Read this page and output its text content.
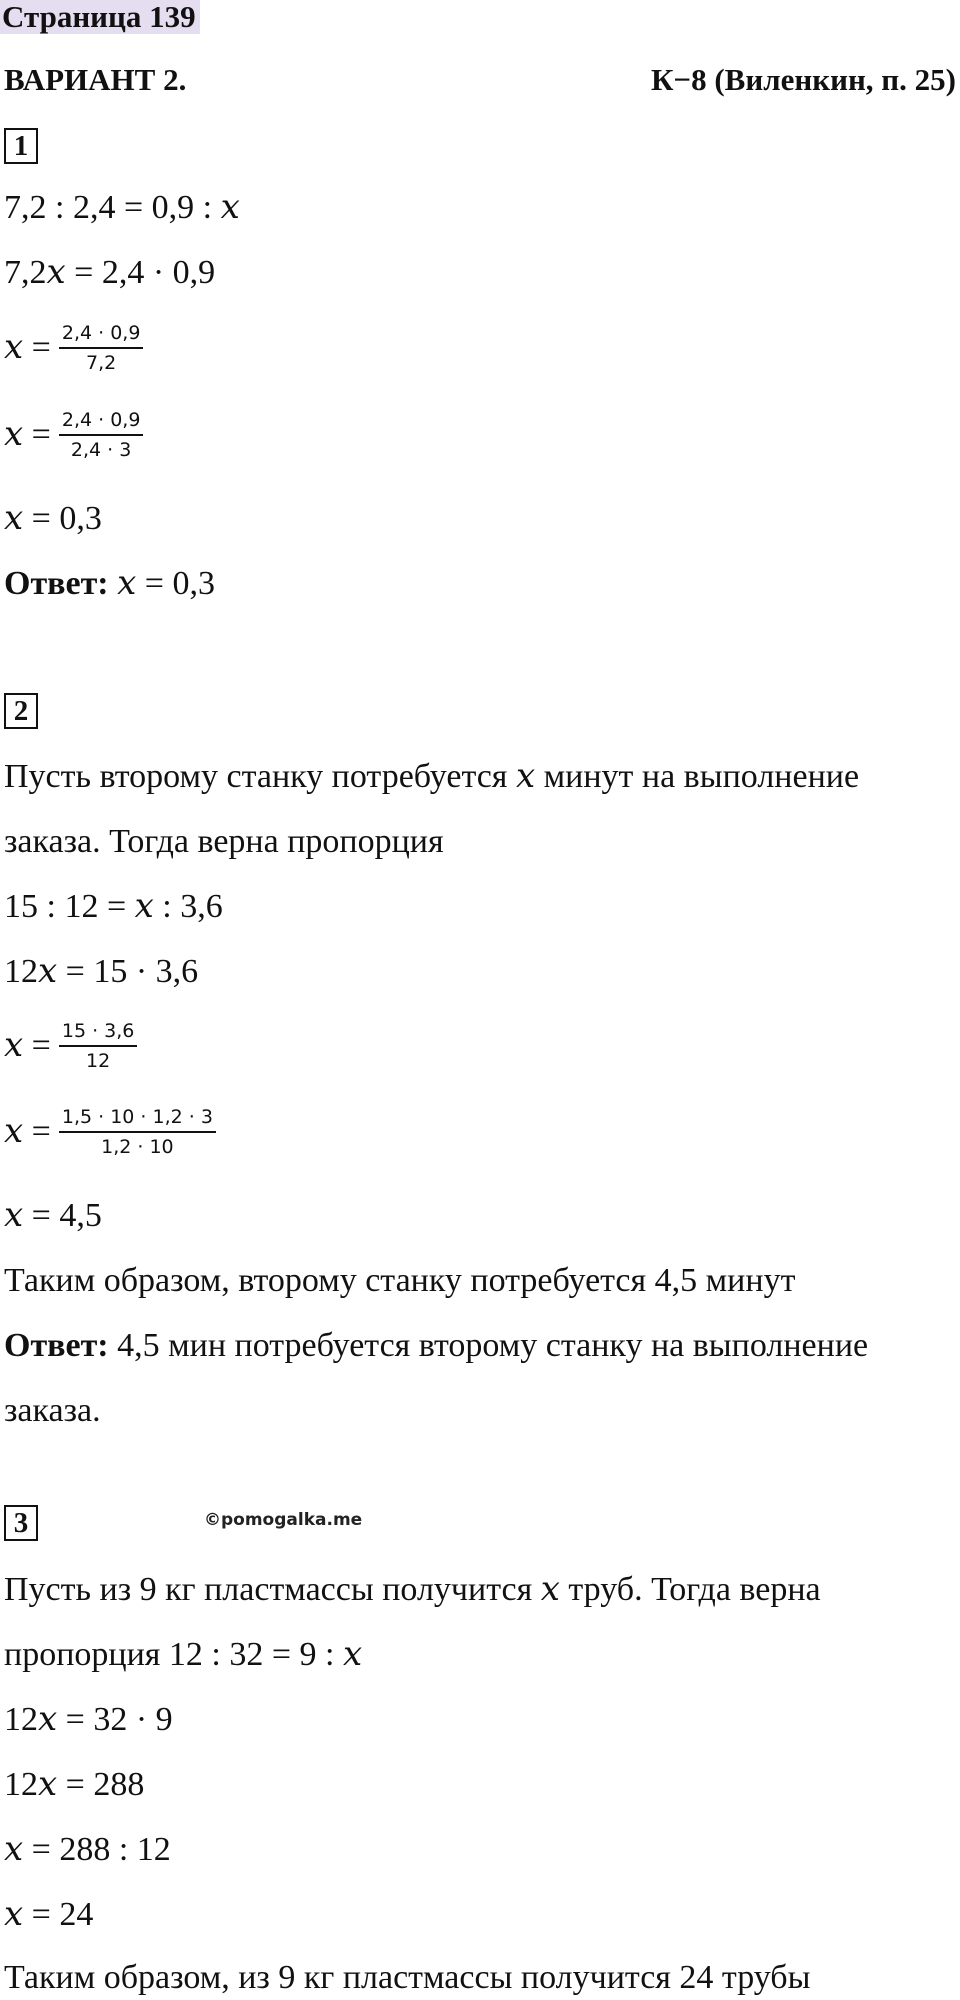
Страница 139
ВАРИАНТ 2.	К−8 (Виленкин, п. 25)
1
7,2 : 2,4 = 0,9 : 𝑥
7,2𝑥 = 2,4 · 0,9
𝑥 = $\frac{2,4 \cdot 0,9}{7,2}$
𝑥 = $\frac{2,4 \cdot 0,9}{2,4 \cdot 3}$
𝑥 = 0,3
Ответ: 𝑥 = 0,3
2
Пусть второму станку потребуется 𝑥 минут на выполнение
заказа. Тогда верна пропорция
15 : 12 = 𝑥 : 3,6
12𝑥 = 15 · 3,6
𝑥 = $\frac{15 \cdot 3,6}{12}$
𝑥 = $\frac{1,5 \cdot 10 \cdot 1,2 \cdot 3}{1,2 \cdot 10}$
𝑥 = 4,5
Таким образом, второму станку потребуется 4,5 минут
Ответ: 4,5 мин потребуется второму станку на выполнение
заказа.
3	©pomogalka.me
Пусть из 9 кг пластмассы получится 𝑥 труб. Тогда верна
пропорция 12 : 32 = 9 : 𝑥
12𝑥 = 32 · 9
12𝑥 = 288
𝑥 = 288 : 12
𝑥 = 24
Таким образом, из 9 кг пластмассы получится 24 трубы
